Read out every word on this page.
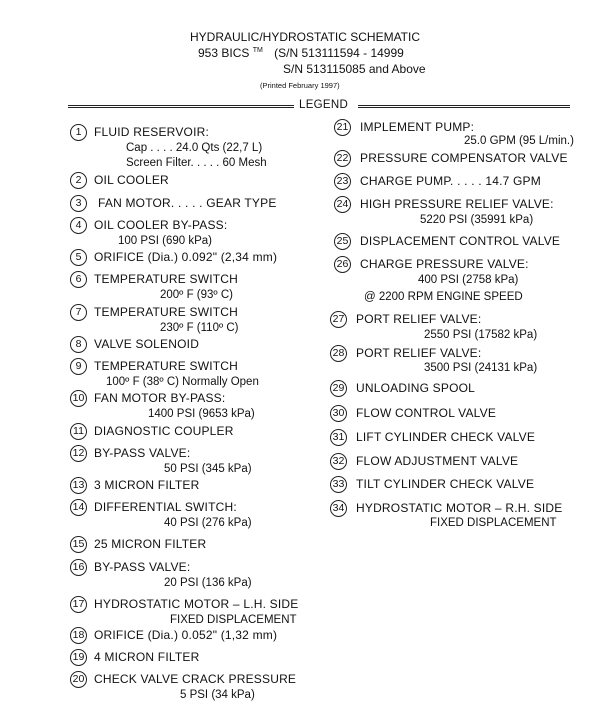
HYDRAULIC/HYDROSTATIC SCHEMATIC
953 BICS ™ (S/N 513111594 - 14999
S/N 513115085 and Above
(Printed February 1997)
LEGEND
1	FLUID RESERVOIR:
Cap . . . . 24.0 Qts (22,7 L)
Screen Filter. . . . . 60 Mesh
2	OIL COOLER
3	FAN MOTOR. . . . . GEAR TYPE
4	OIL COOLER BY-PASS:
100 PSI (690 kPa)
5	ORIFICE (Dia.) 0.092" (2,34 mm)
6	TEMPERATURE SWITCH
200º F (93º C)
7	TEMPERATURE SWITCH
230º F (110º C)
8	VALVE SOLENOID
9	TEMPERATURE SWITCH
100º F (38º C) Normally Open
10 FAN MOTOR BY-PASS:
1400 PSI (9653 kPa)
11 DIAGNOSTIC COUPLER
12 BY-PASS VALVE:
50 PSI (345 kPa)
13 3 MICRON FILTER
14 DIFFERENTIAL SWITCH:
40 PSI (276 kPa)
15 25 MICRON FILTER
16 BY-PASS VALVE:
20 PSI (136 kPa)
17 HYDROSTATIC MOTOR – L.H. SIDE
FIXED DISPLACEMENT
18 ORIFICE (Dia.) 0.052" (1,32 mm)
19 4 MICRON FILTER
20 CHECK VALVE CRACK PRESSURE
5 PSI (34 kPa)
21 IMPLEMENT PUMP:
25.0 GPM (95 L/min.)
22 PRESSURE COMPENSATOR VALVE
23 CHARGE PUMP. . . . . 14.7 GPM
24 HIGH PRESSURE RELIEF VALVE:
5220 PSI (35991 kPa)
25 DISPLACEMENT CONTROL VALVE
26 CHARGE PRESSURE VALVE:
400 PSI (2758 kPa)
@ 2200 RPM ENGINE SPEED
27 PORT RELIEF VALVE:
2550 PSI (17582 kPa)
28 PORT RELIEF VALVE:
3500 PSI (24131 kPa)
29 UNLOADING SPOOL
30 FLOW CONTROL VALVE
31 LIFT CYLINDER CHECK VALVE
32 FLOW ADJUSTMENT VALVE
33 TILT CYLINDER CHECK VALVE
34 HYDROSTATIC MOTOR – R.H. SIDE
FIXED DISPLACEMENT
